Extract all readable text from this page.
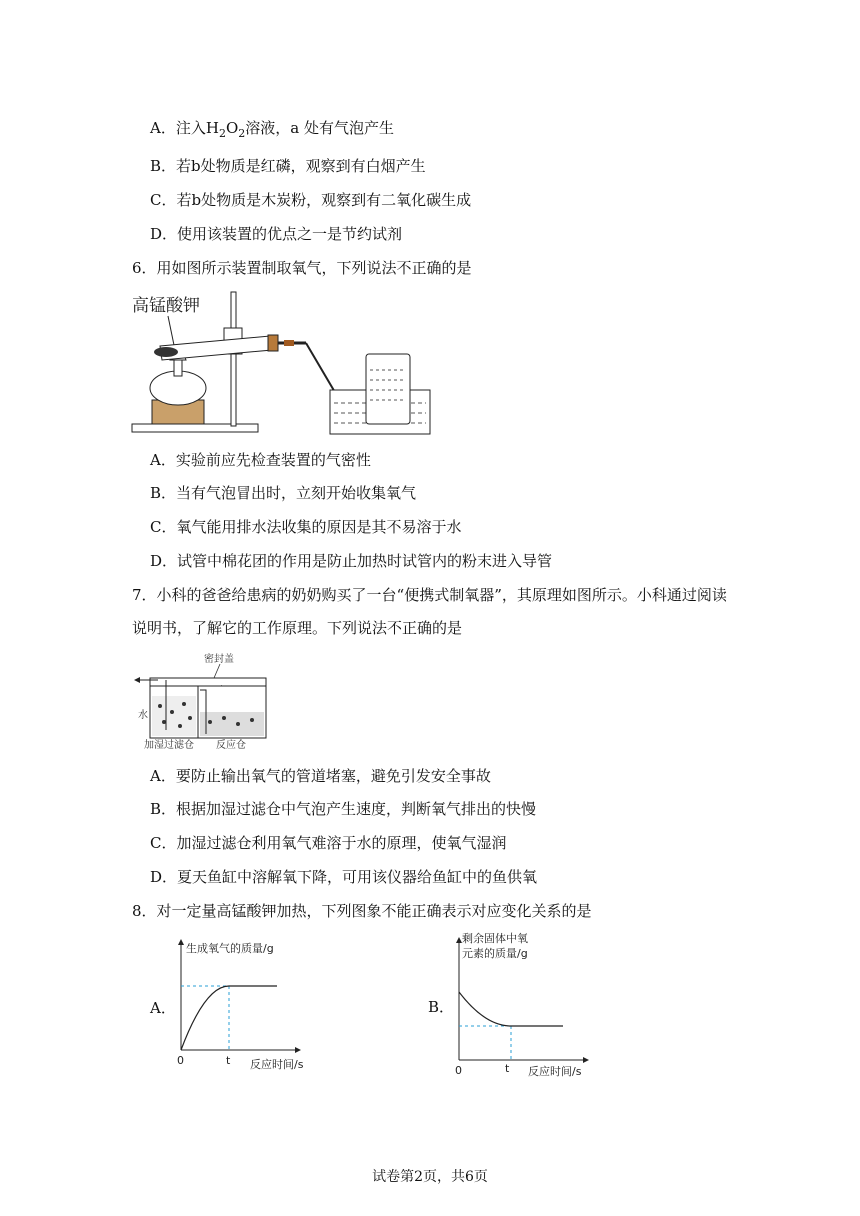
A．注入$H_2O_2$溶液，a 处有气泡产生
B．若b处物质是红磷，观察到有白烟产生
C．若b处物质是木炭粉，观察到有二氧化碳生成
D．使用该装置的优点之一是节约试剂
6．用如图所示装置制取氧气，下列说法不正确的是
高锰酸钾
A．实验前应先检查装置的气密性
B．当有气泡冒出时，立刻开始收集氧气
C．氧气能用排水法收集的原因是其不易溶于水
D．试管中棉花团的作用是防止加热时试管内的粉末进入导管
7．小科的爸爸给患病的奶奶购买了一台“便携式制氧器”，其原理如图所示。小科通过阅读
说明书，了解它的工作原理。下列说法不正确的是
密封盖
水
加湿过滤仓 反应仓
A．要防止输出氧气的管道堵塞，避免引发安全事故
B．根据加湿过滤仓中气泡产生速度，判断氧气排出的快慢
C．加湿过滤仓利用氧气难溶于水的原理，使氧气湿润
D．夏天鱼缸中溶解氧下降，可用该仪器给鱼缸中的鱼供氧
8．对一定量高锰酸钾加热，下列图象不能正确表示对应变化关系的是
A．	B．
生成氧气的质量/g
反应时间/s
0	t
剩余固体中氧
元素的质量/g
反应时间/s
0	t
试卷第2页，共6页
